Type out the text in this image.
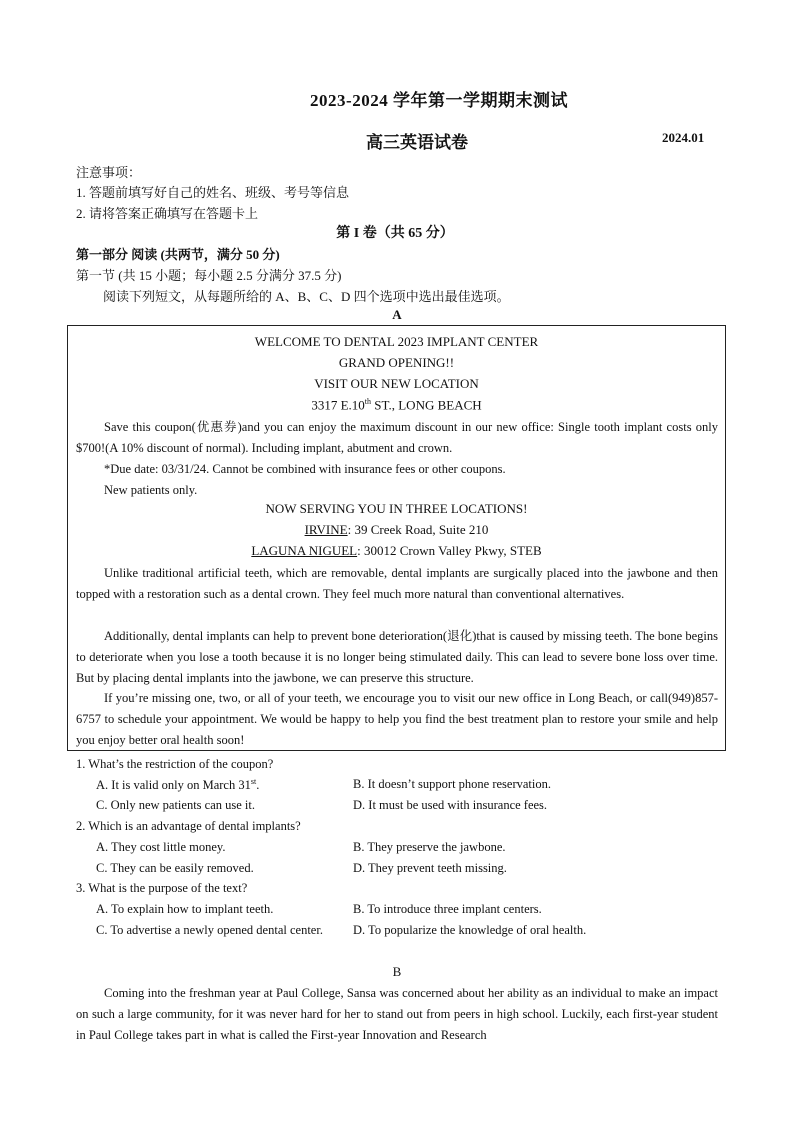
2023-2024 学年第一学期期末测试
高三英语试卷	2024.01
注意事项：
1. 答题前填写好自己的姓名、班级、考号等信息
2. 请将答案正确填写在答题卡上
第 I 卷（共 65 分）
第一部分 阅读 (共两节，满分 50 分)
第一节 (共 15 小题；每小题 2.5 分满分 37.5 分)
阅读下列短文，从每题所给的 A、B、C、D 四个选项中选出最佳选项。
A
WELCOME TO DENTAL 2023 IMPLANT CENTER
GRAND OPENING!!
VISIT OUR NEW LOCATION
3317 E.10th ST., LONG BEACH

Save this coupon(优惠券)and you can enjoy the maximum discount in our new office: Single tooth implant costs only $700!(A 10% discount of normal). Including implant, abutment and crown.

*Due date: 03/31/24. Cannot be combined with insurance fees or other coupons.

New patients only.

NOW SERVING YOU IN THREE LOCATIONS!
IRVINE: 39 Creek Road, Suite 210
LAGUNA NIGUEL: 30012 Crown Valley Pkwy, STEB

Unlike traditional artificial teeth, which are removable, dental implants are surgically placed into the jawbone and then topped with a restoration such as a dental crown. They feel much more natural than conventional alternatives.

Additionally, dental implants can help to prevent bone deterioration(退化)that is caused by missing teeth. The bone begins to deteriorate when you lose a tooth because it is no longer being stimulated daily. This can lead to severe bone loss over time. But by placing dental implants into the jawbone, we can preserve this structure.

If you’re missing one, two, or all of your teeth, we encourage you to visit our new office in Long Beach, or call(949)857-6757 to schedule your appointment. We would be happy to help you find the best treatment plan to restore your smile and help you enjoy better oral health soon!

1. What’s the restriction of the coupon?
A. It is valid only on March 31st.	B. It doesn’t support phone reservation.
C. Only new patients can use it.	D. It must be used with insurance fees.
2. Which is an advantage of dental implants?
A. They cost little money.	B. They preserve the jawbone.
C. They can be easily removed.	D. They prevent teeth missing.
3. What is the purpose of the text?
A. To explain how to implant teeth.	B. To introduce three implant centers.
C. To advertise a newly opened dental center. D. To popularize the knowledge of oral health.
B

Coming into the freshman year at Paul College, Sansa was concerned about her ability as an individual to make an impact on such a large community, for it was never hard for her to stand out from peers in high school. Luckily, each first-year student in Paul College takes part in what is called the First-year Innovation and Research
